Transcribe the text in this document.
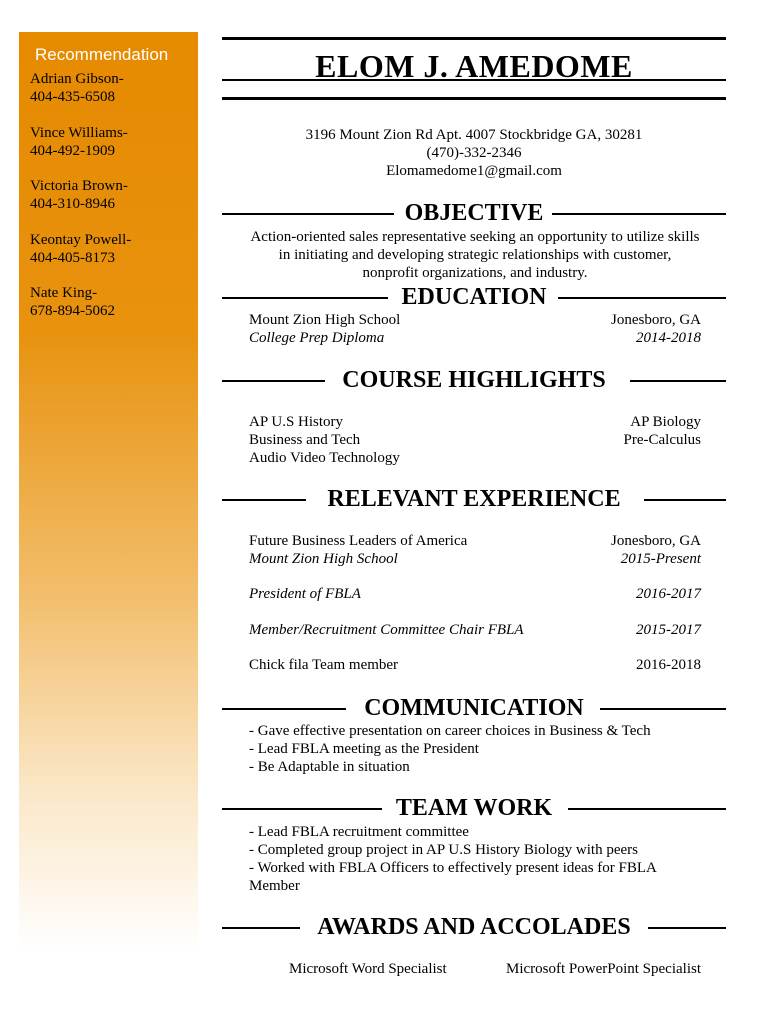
Recommendation
Adrian Gibson-
404-435-6508
Vince Williams-
404-492-1909
Victoria Brown-
404-310-8946
Keontay Powell-
404-405-8173
Nate King-
678-894-5062
ELOM J. AMEDOME
3196 Mount Zion Rd Apt. 4007 Stockbridge GA, 30281
(470)-332-2346
Elomamedome1@gmail.com
OBJECTIVE
Action-oriented sales representative seeking an opportunity to utilize skills
in initiating and developing strategic relationships with customer,
nonprofit organizations, and industry.
EDUCATION
Mount Zion High School	Jonesboro, GA
College Prep Diploma	2014-2018
COURSE HIGHLIGHTS
AP U.S History	AP Biology
Business and Tech	Pre-Calculus
Audio Video Technology
RELEVANT EXPERIENCE
Future Business Leaders of America	Jonesboro, GA
Mount Zion High School	2015-Present
President of FBLA	2016-2017
Member/Recruitment Committee Chair FBLA	2015-2017
Chick fila Team member	2016-2018
COMMUNICATION
- Gave effective presentation on career choices in Business & Tech
- Lead FBLA meeting as the President
- Be Adaptable in situation
TEAM WORK
- Lead FBLA recruitment committee
- Completed group project in AP U.S History Biology with peers
- Worked with FBLA Officers to effectively present ideas for FBLA
Member
AWARDS AND ACCOLADES
Microsoft Word Specialist	Microsoft PowerPoint Specialist
